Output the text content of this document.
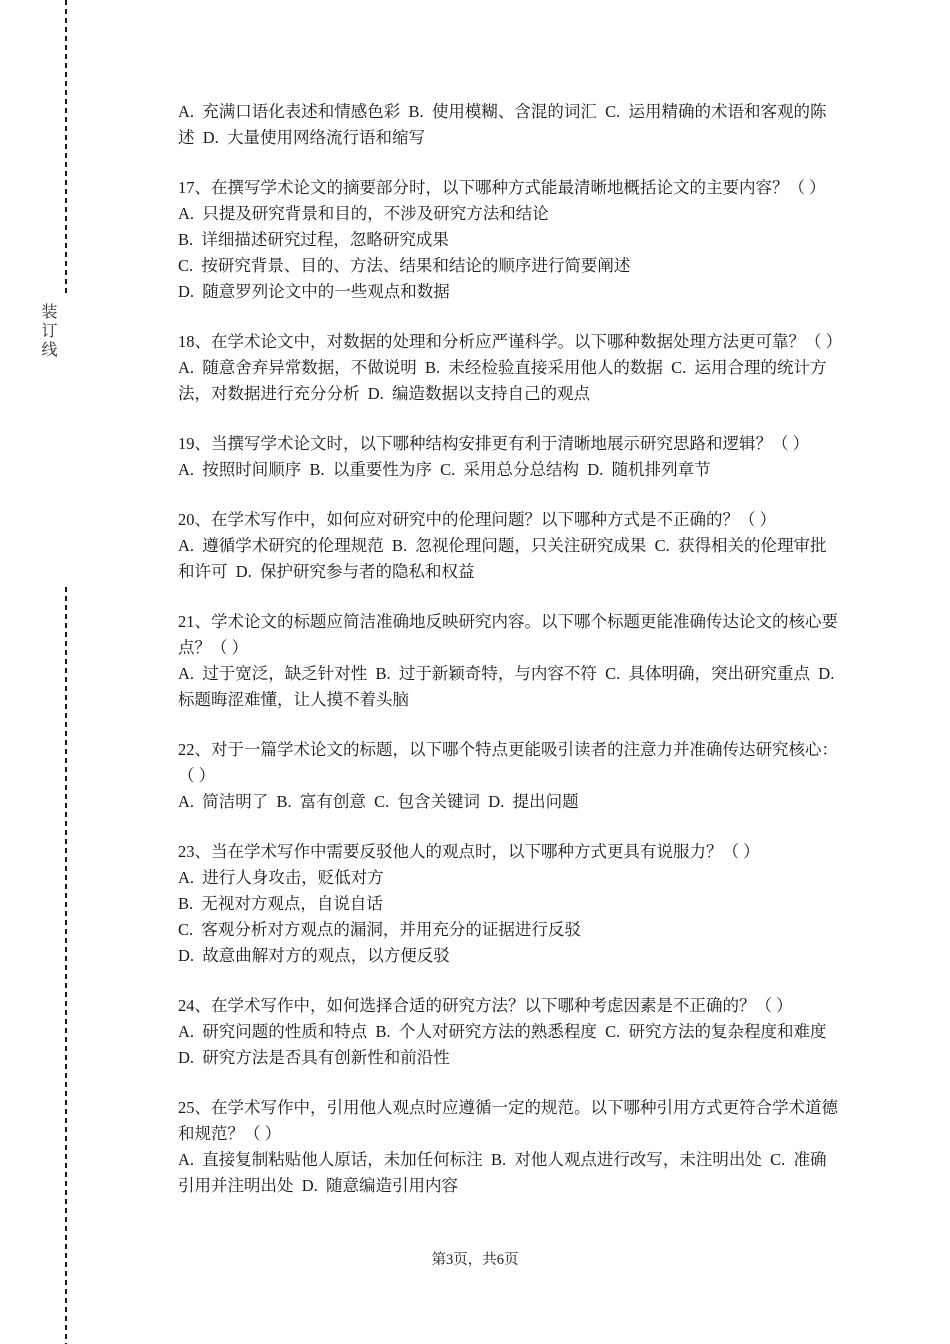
装订线

A.  充满口语化表述和情感色彩  B.  使用模糊、含混的词汇  C.  运用精确的术语和客观的陈述  D.  大量使用网络流行语和缩写

17、在撰写学术论文的摘要部分时，以下哪种方式能最清晰地概括论文的主要内容？（ ）

A.  只提及研究背景和目的，不涉及研究方法和结论

B.  详细描述研究过程，忽略研究成果

C.  按研究背景、目的、方法、结果和结论的顺序进行简要阐述

D.  随意罗列论文中的一些观点和数据

18、在学术论文中，对数据的处理和分析应严谨科学。以下哪种数据处理方法更可靠？（ ）

A.  随意舍弃异常数据，不做说明  B.  未经检验直接采用他人的数据  C.  运用合理的统计方法，对数据进行充分分析  D.  编造数据以支持自己的观点

19、当撰写学术论文时，以下哪种结构安排更有利于清晰地展示研究思路和逻辑？（ ）

A.  按照时间顺序  B.  以重要性为序  C.  采用总分总结构  D.  随机排列章节

20、在学术写作中，如何应对研究中的伦理问题？以下哪种方式是不正确的？（ ）

A.  遵循学术研究的伦理规范  B.  忽视伦理问题，只关注研究成果  C.  获得相关的伦理审批和许可  D.  保护研究参与者的隐私和权益

21、学术论文的标题应简洁准确地反映研究内容。以下哪个标题更能准确传达论文的核心要点？（ ）

A.  过于宽泛，缺乏针对性  B.  过于新颖奇特，与内容不符  C.  具体明确，突出研究重点  D.  标题晦涩难懂，让人摸不着头脑

22、对于一篇学术论文的标题，以下哪个特点更能吸引读者的注意力并准确传达研究核心：（ ）

A.  简洁明了  B.  富有创意  C.  包含关键词  D.  提出问题

23、当在学术写作中需要反驳他人的观点时，以下哪种方式更具有说服力？（ ）

A.  进行人身攻击，贬低对方

B.  无视对方观点，自说自话

C.  客观分析对方观点的漏洞，并用充分的证据进行反驳

D.  故意曲解对方的观点，以方便反驳

24、在学术写作中，如何选择合适的研究方法？以下哪种考虑因素是不正确的？（ ）

A.  研究问题的性质和特点  B.  个人对研究方法的熟悉程度  C.  研究方法的复杂程度和难度  D.  研究方法是否具有创新性和前沿性

25、在学术写作中，引用他人观点时应遵循一定的规范。以下哪种引用方式更符合学术道德和规范？（ ）

A.  直接复制粘贴他人原话，未加任何标注  B.  对他人观点进行改写，未注明出处  C.  准确引用并注明出处  D.  随意编造引用内容

第3页，共6页
